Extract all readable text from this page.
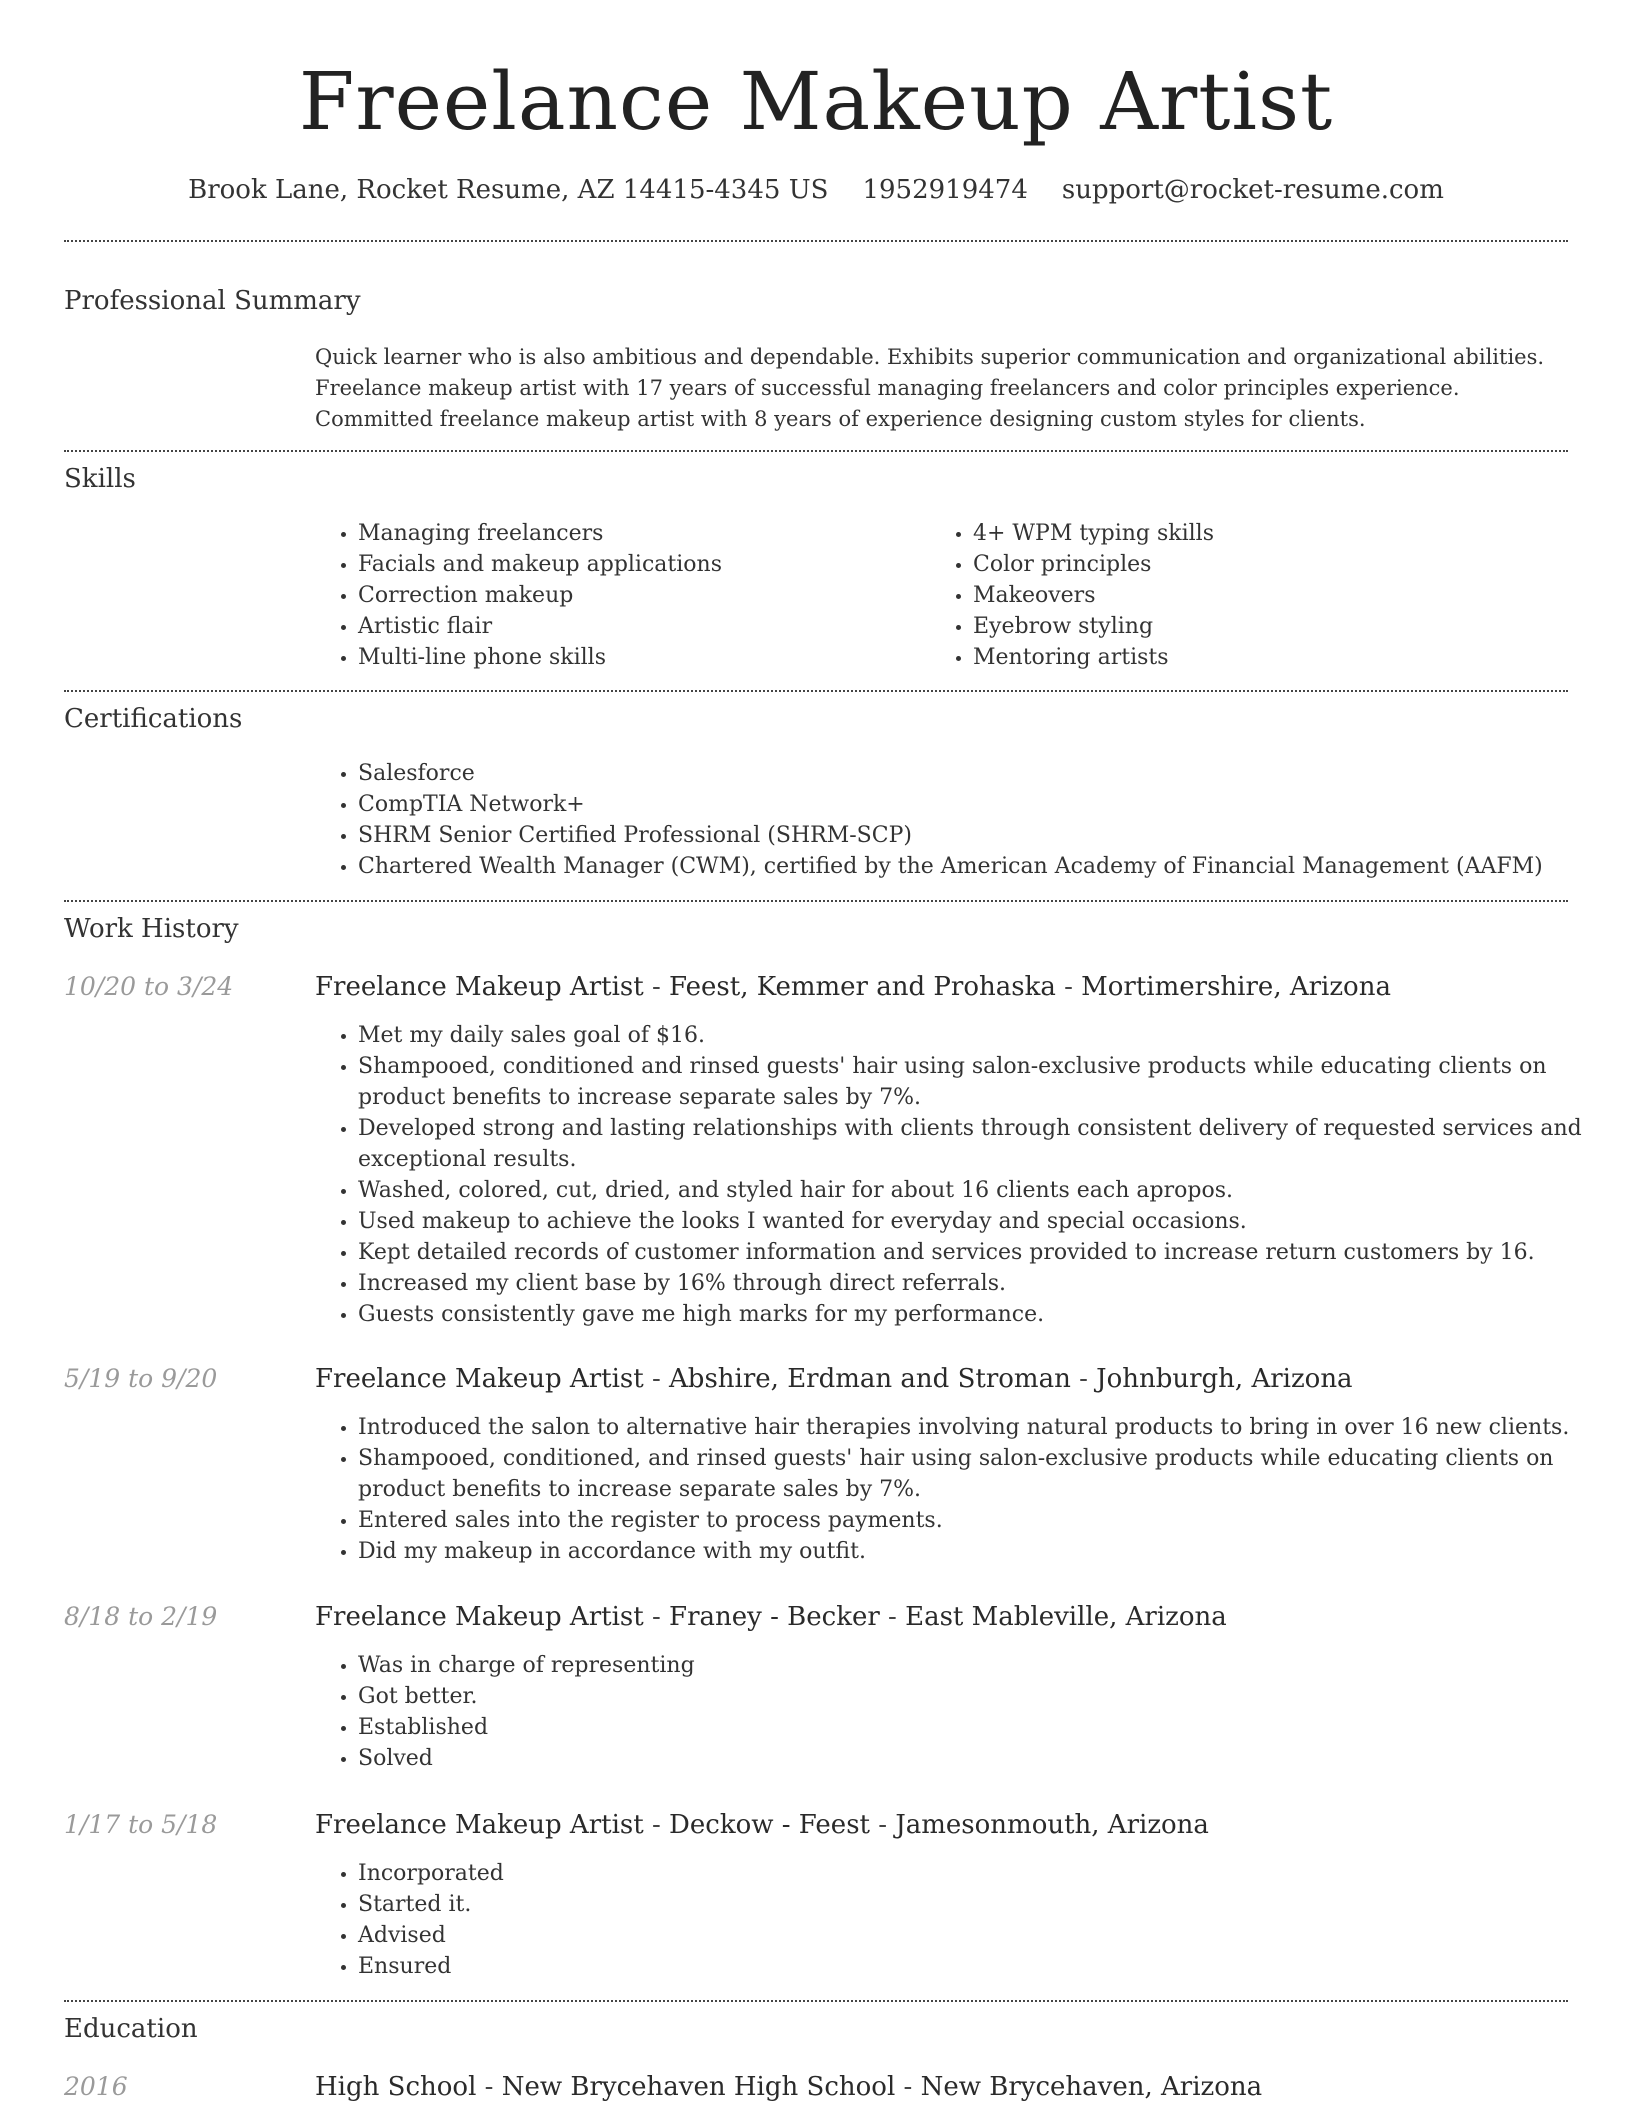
Freelance Makeup Artist
Brook Lane, Rocket Resume, AZ 14415-4345 US 1952919474 support@rocket-resume.com
Professional Summary
Quick learner who is also ambitious and dependable. Exhibits superior communication and organizational abilities. Freelance makeup artist with 17 years of successful managing freelancers and color principles experience. Committed freelance makeup artist with 8 years of experience designing custom styles for clients.
Skills
• Managing freelancers
• Facials and makeup applications
• Correction makeup
• Artistic flair
• Multi-line phone skills
• 4+ WPM typing skills
• Color principles
• Makeovers
• Eyebrow styling
• Mentoring artists
Certifications
• Salesforce
• CompTIA Network+
• SHRM Senior Certified Professional (SHRM-SCP)
• Chartered Wealth Manager (CWM), certified by the American Academy of Financial Management (AAFM)
Work History
10/20 to 3/24	Freelance Makeup Artist - Feest, Kemmer and Prohaska - Mortimershire, Arizona
• Met my daily sales goal of $16.
• Shampooed, conditioned and rinsed guests' hair using salon-exclusive products while educating clients on product benefits to increase separate sales by 7%.
• Developed strong and lasting relationships with clients through consistent delivery of requested services and exceptional results.
• Washed, colored, cut, dried, and styled hair for about 16 clients each apropos.
• Used makeup to achieve the looks I wanted for everyday and special occasions.
• Kept detailed records of customer information and services provided to increase return customers by 16.
• Increased my client base by 16% through direct referrals.
• Guests consistently gave me high marks for my performance.
5/19 to 9/20	Freelance Makeup Artist - Abshire, Erdman and Stroman - Johnburgh, Arizona
• Introduced the salon to alternative hair therapies involving natural products to bring in over 16 new clients.
• Shampooed, conditioned, and rinsed guests' hair using salon-exclusive products while educating clients on product benefits to increase separate sales by 7%.
• Entered sales into the register to process payments.
• Did my makeup in accordance with my outfit.
8/18 to 2/19	Freelance Makeup Artist - Franey - Becker - East Mableville, Arizona
• Was in charge of representing
• Got better.
• Established
• Solved
1/17 to 5/18	Freelance Makeup Artist - Deckow - Feest - Jamesonmouth, Arizona
• Incorporated
• Started it.
• Advised
• Ensured
Education
2016	High School - New Brycehaven High School - New Brycehaven, Arizona
